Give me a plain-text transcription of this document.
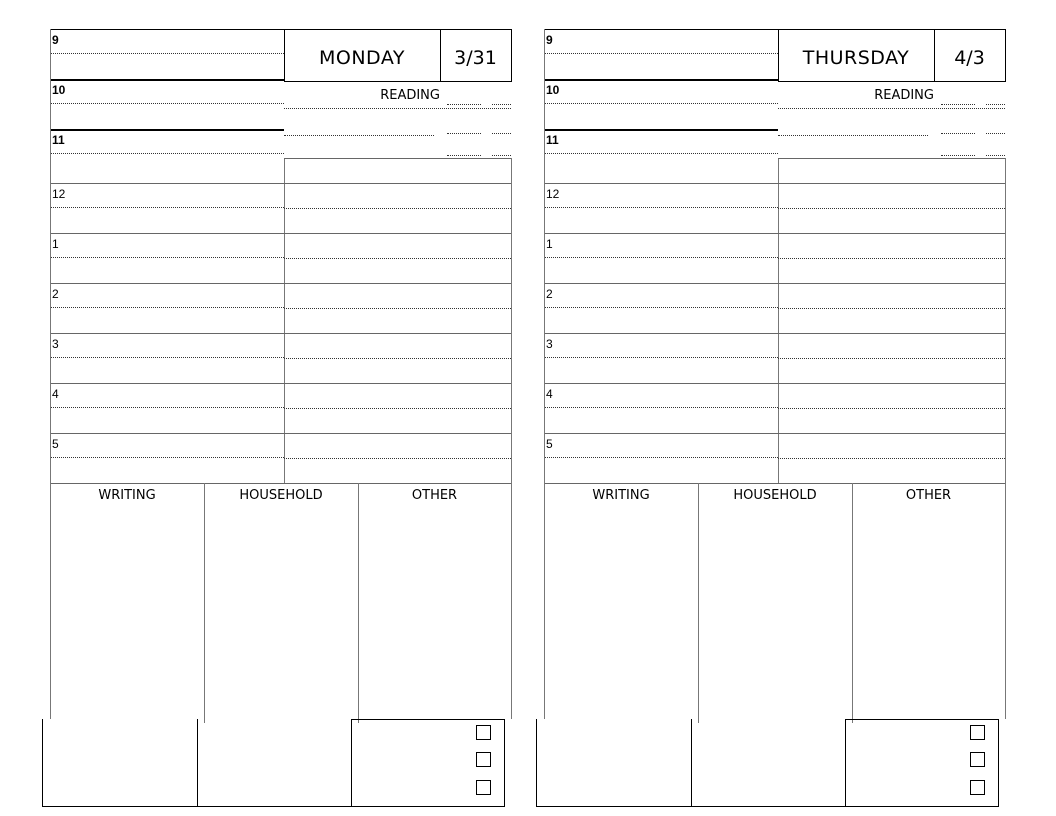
MONDAY	3/31
READING
9
10
11
12
1
2
3
4
5
WRITING	HOUSEHOLD	OTHER
THURSDAY	4/3
READING
9
10
11
12
1
2
3
4
5
WRITING	HOUSEHOLD	OTHER
